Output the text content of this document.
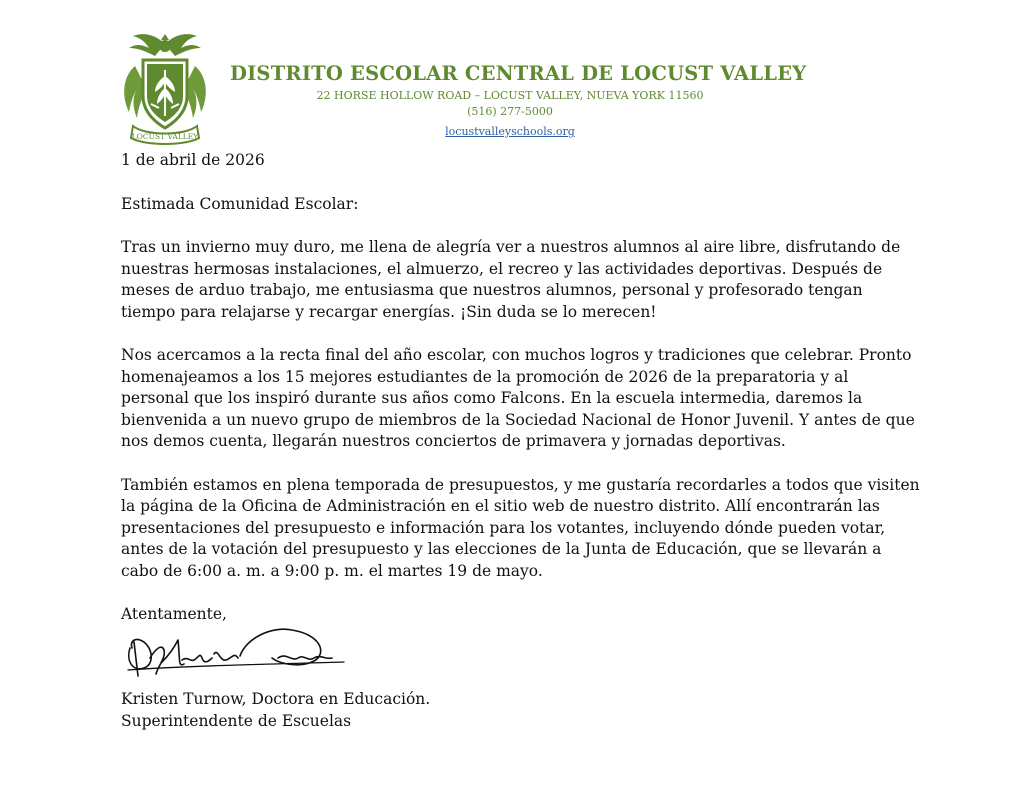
LOCUST VALLEY
DISTRITO ESCOLAR CENTRAL DE LOCUST VALLEY
22 HORSE HOLLOW ROAD – LOCUST VALLEY, NUEVA YORK 11560
(516) 277-5000
locustvalleyschools.org

1 de abril de 2026

Estimada Comunidad Escolar:

Tras un invierno muy duro, me llena de alegría ver a nuestros alumnos al aire libre, disfrutando de nuestras hermosas instalaciones, el almuerzo, el recreo y las actividades deportivas. Después de meses de arduo trabajo, me entusiasma que nuestros alumnos, personal y profesorado tengan tiempo para relajarse y recargar energías. ¡Sin duda se lo merecen!

Nos acercamos a la recta final del año escolar, con muchos logros y tradiciones que celebrar. Pronto homenajeamos a los 15 mejores estudiantes de la promoción de 2026 de la preparatoria y al personal que los inspiró durante sus años como Falcons. En la escuela intermedia, daremos la bienvenida a un nuevo grupo de miembros de la Sociedad Nacional de Honor Juvenil. Y antes de que nos demos cuenta, llegarán nuestros conciertos de primavera y jornadas deportivas.

También estamos en plena temporada de presupuestos, y me gustaría recordarles a todos que visiten la página de la Oficina de Administración en el sitio web de nuestro distrito. Allí encontrarán las presentaciones del presupuesto e información para los votantes, incluyendo dónde pueden votar, antes de la votación del presupuesto y las elecciones de la Junta de Educación, que se llevarán a cabo de 6:00 a. m. a 9:00 p. m. el martes 19 de mayo.

Atentamente,

Kristen Turnow, Doctora en Educación.
Superintendente de Escuelas
